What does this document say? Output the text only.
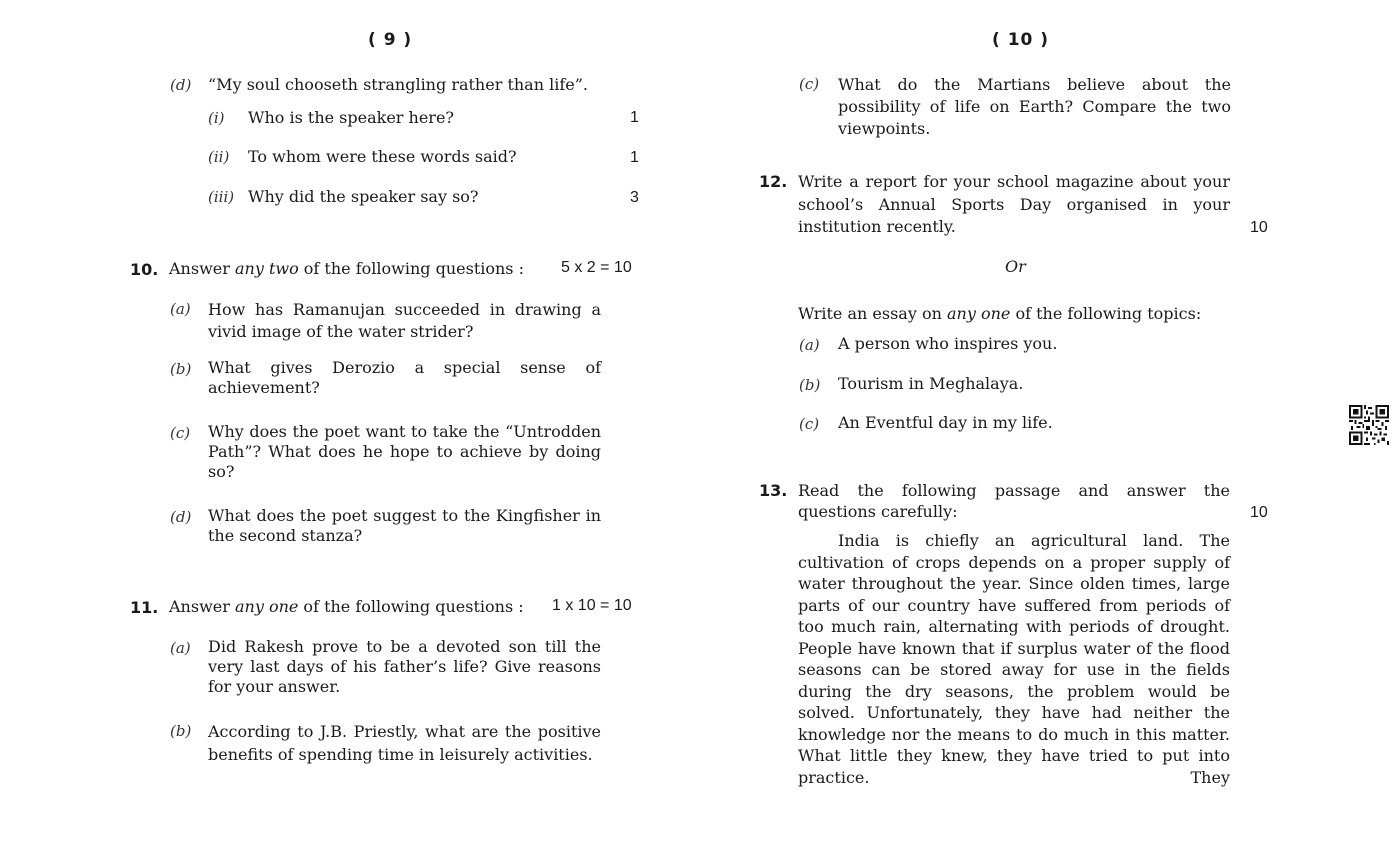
( 9 )
(d) “My soul chooseth strangling rather than life”.
(i) Who is the speaker here?	1
(ii) To whom were these words said?	1
(iii) Why did the speaker say so?	3
10. Answer any two of the following questions : 5 x 2 = 10
(a) How has Ramanujan succeeded in drawing a vivid image of the water strider?
(b) What gives Derozio a special sense of achievement?
(c) Why does the poet want to take the “Untrodden Path”? What does he hope to achieve by doing so?
(d) What does the poet suggest to the Kingfisher in the second stanza?
11. Answer any one of the following questions : 1 x 10 = 10
(a) Did Rakesh prove to be a devoted son till the very last days of his father’s life? Give reasons for your answer.
(b) According to J.B. Priestly, what are the positive benefits of spending time in leisurely activities.
( 10 )
(c) What do the Martians believe about the possibility of life on Earth? Compare the two viewpoints.
12. Write a report for your school magazine about your school’s Annual Sports Day organised in your institution recently.	10
Or
Write an essay on any one of the following topics:
(a) A person who inspires you.
(b) Tourism in Meghalaya.
(c) An Eventful day in my life.
13. Read the following passage and answer the questions carefully:	10
India is chiefly an agricultural land. The cultivation of crops depends on a proper supply of water throughout the year. Since olden times, large parts of our country have suffered from periods of too much rain, alternating with periods of drought. People have known that if surplus water of the flood seasons can be stored away for use in the fields during the dry seasons, the problem would be solved. Unfortunately, they have had neither the knowledge nor the means to do much in this matter. What little they knew, they have tried to put into practice. They
